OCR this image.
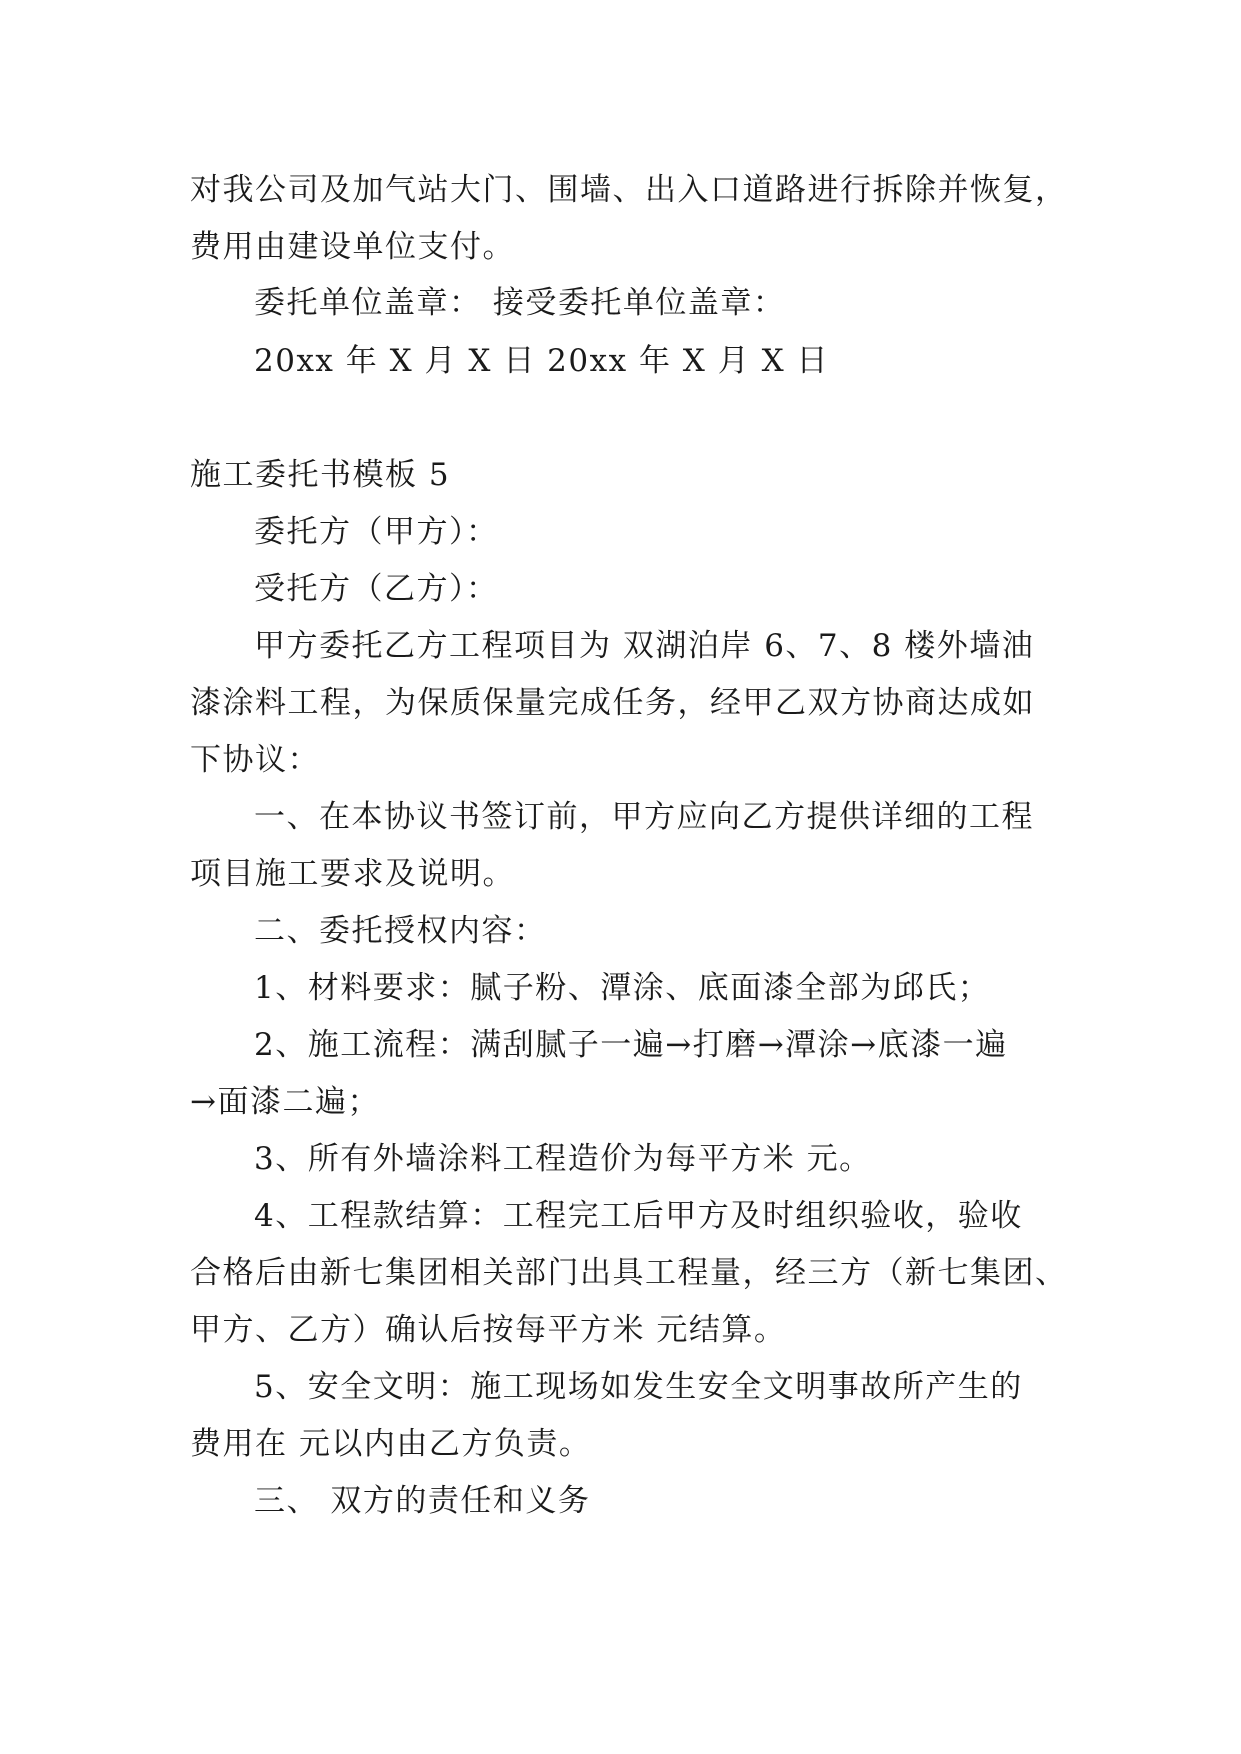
对我公司及加气站大门、围墙、出入口道路进行拆除并恢复，
费用由建设单位支付。
委托单位盖章： 接受委托单位盖章：
20xx 年 X 月 X 日 20xx 年 X 月 X 日
施工委托书模板 5
委托方（甲方）：
受托方（乙方）：
甲方委托乙方工程项目为 双湖泊岸 6、7、8 楼外墙油
漆涂料工程，为保质保量完成任务，经甲乙双方协商达成如
下协议：
一、在本协议书签订前，甲方应向乙方提供详细的工程
项目施工要求及说明。
二、委托授权内容：
1、材料要求：腻子粉、潭涂、底面漆全部为邱氏；
2、施工流程：满刮腻子一遍→打磨→潭涂→底漆一遍
→面漆二遍；
3、所有外墙涂料工程造价为每平方米 元。
4、工程款结算：工程完工后甲方及时组织验收，验收
合格后由新七集团相关部门出具工程量，经三方（新七集团、
甲方、乙方）确认后按每平方米 元结算。
5、安全文明：施工现场如发生安全文明事故所产生的
费用在 元以内由乙方负责。
三、 双方的责任和义务
